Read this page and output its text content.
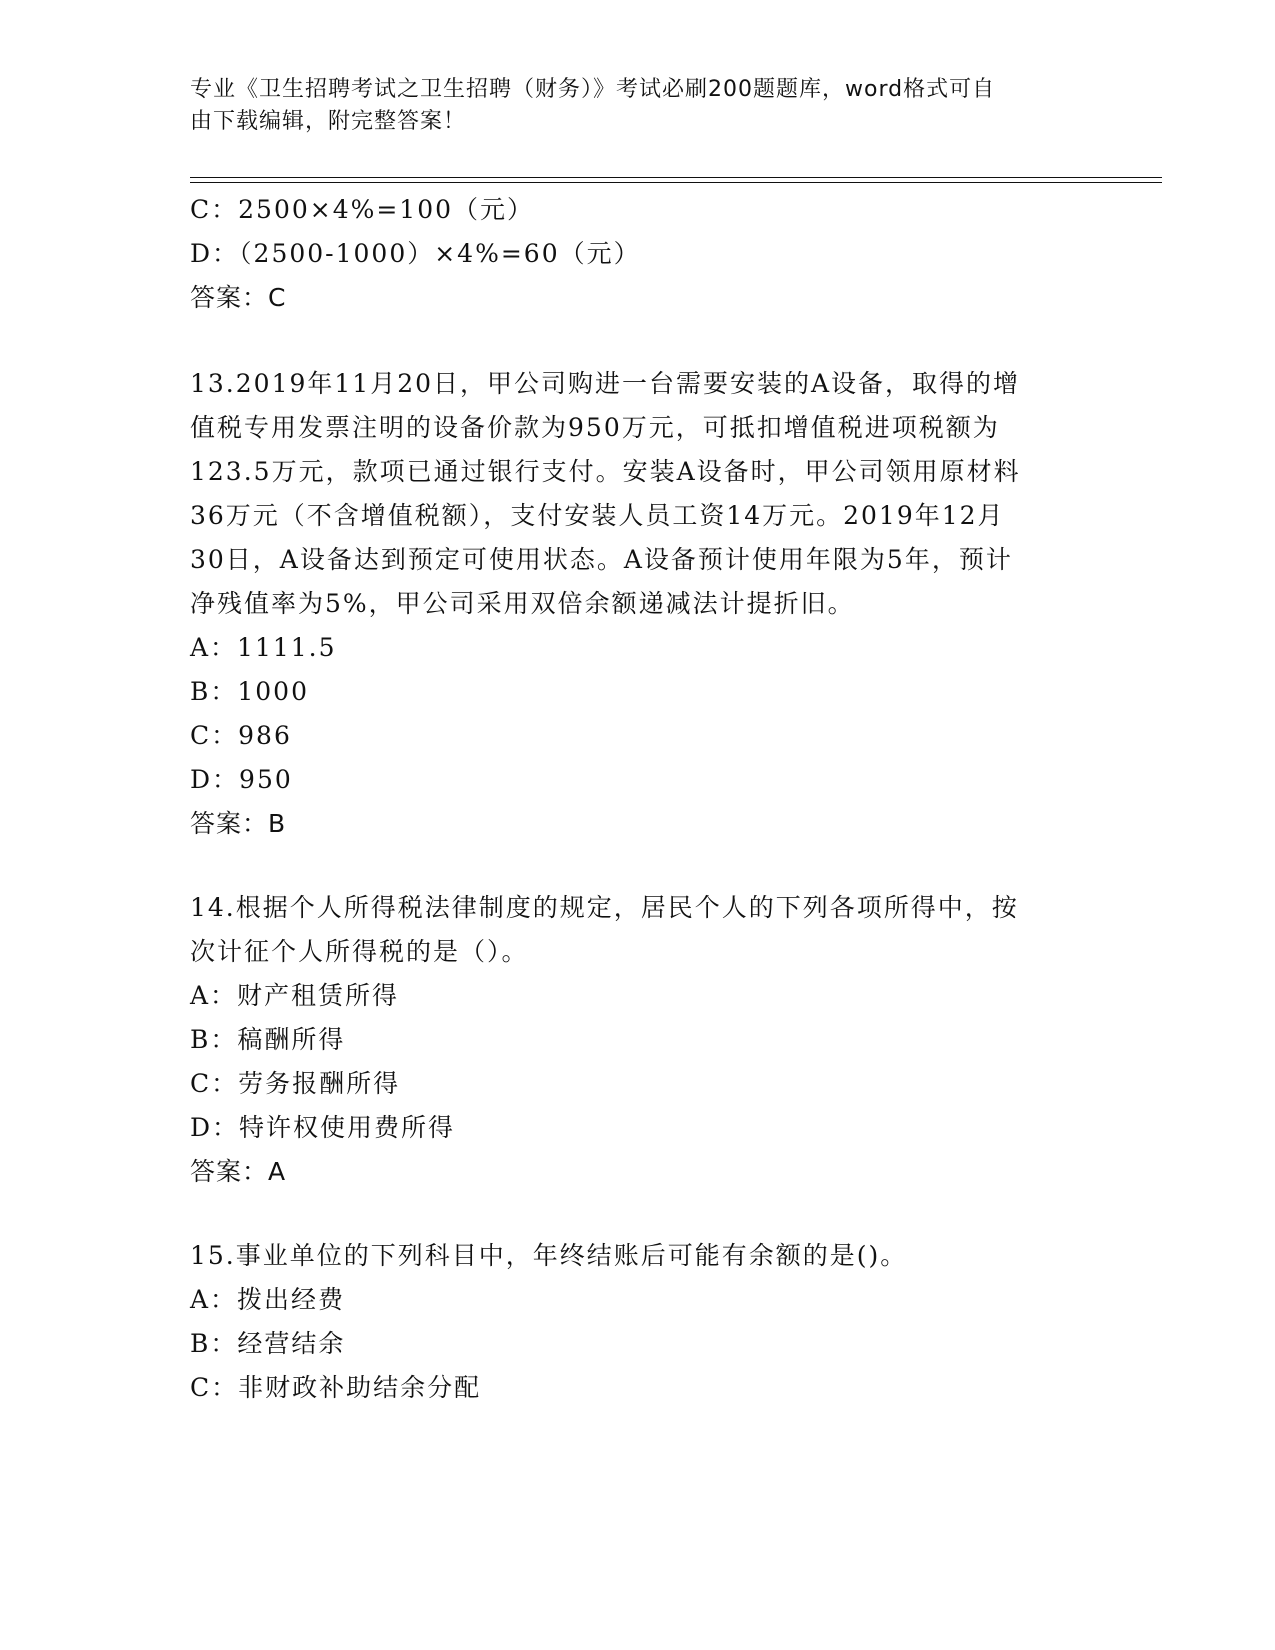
专业《卫生招聘考试之卫生招聘（财务）》考试必刷200题题库，word格式可自
由下载编辑，附完整答案！
C：2500×4%=100（元）
D：（2500-1000）×4%=60（元）
答案：C
13.2019年11月20日，甲公司购进一台需要安装的A设备，取得的增
值税专用发票注明的设备价款为950万元，可抵扣增值税进项税额为
123.5万元，款项已通过银行支付。安装A设备时，甲公司领用原材料
36万元（不含增值税额），支付安装人员工资14万元。2019年12月
30日，A设备达到预定可使用状态。A设备预计使用年限为5年，预计
净残值率为5%，甲公司采用双倍余额递减法计提折旧。
A：1111.5
B：1000
C：986
D：950
答案：B
14.根据个人所得税法律制度的规定，居民个人的下列各项所得中，按
次计征个人所得税的是（）。
A：财产租赁所得
B：稿酬所得
C：劳务报酬所得
D：特许权使用费所得
答案：A
15.事业单位的下列科目中，年终结账后可能有余额的是()。
A：拨出经费
B：经营结余
C：非财政补助结余分配
